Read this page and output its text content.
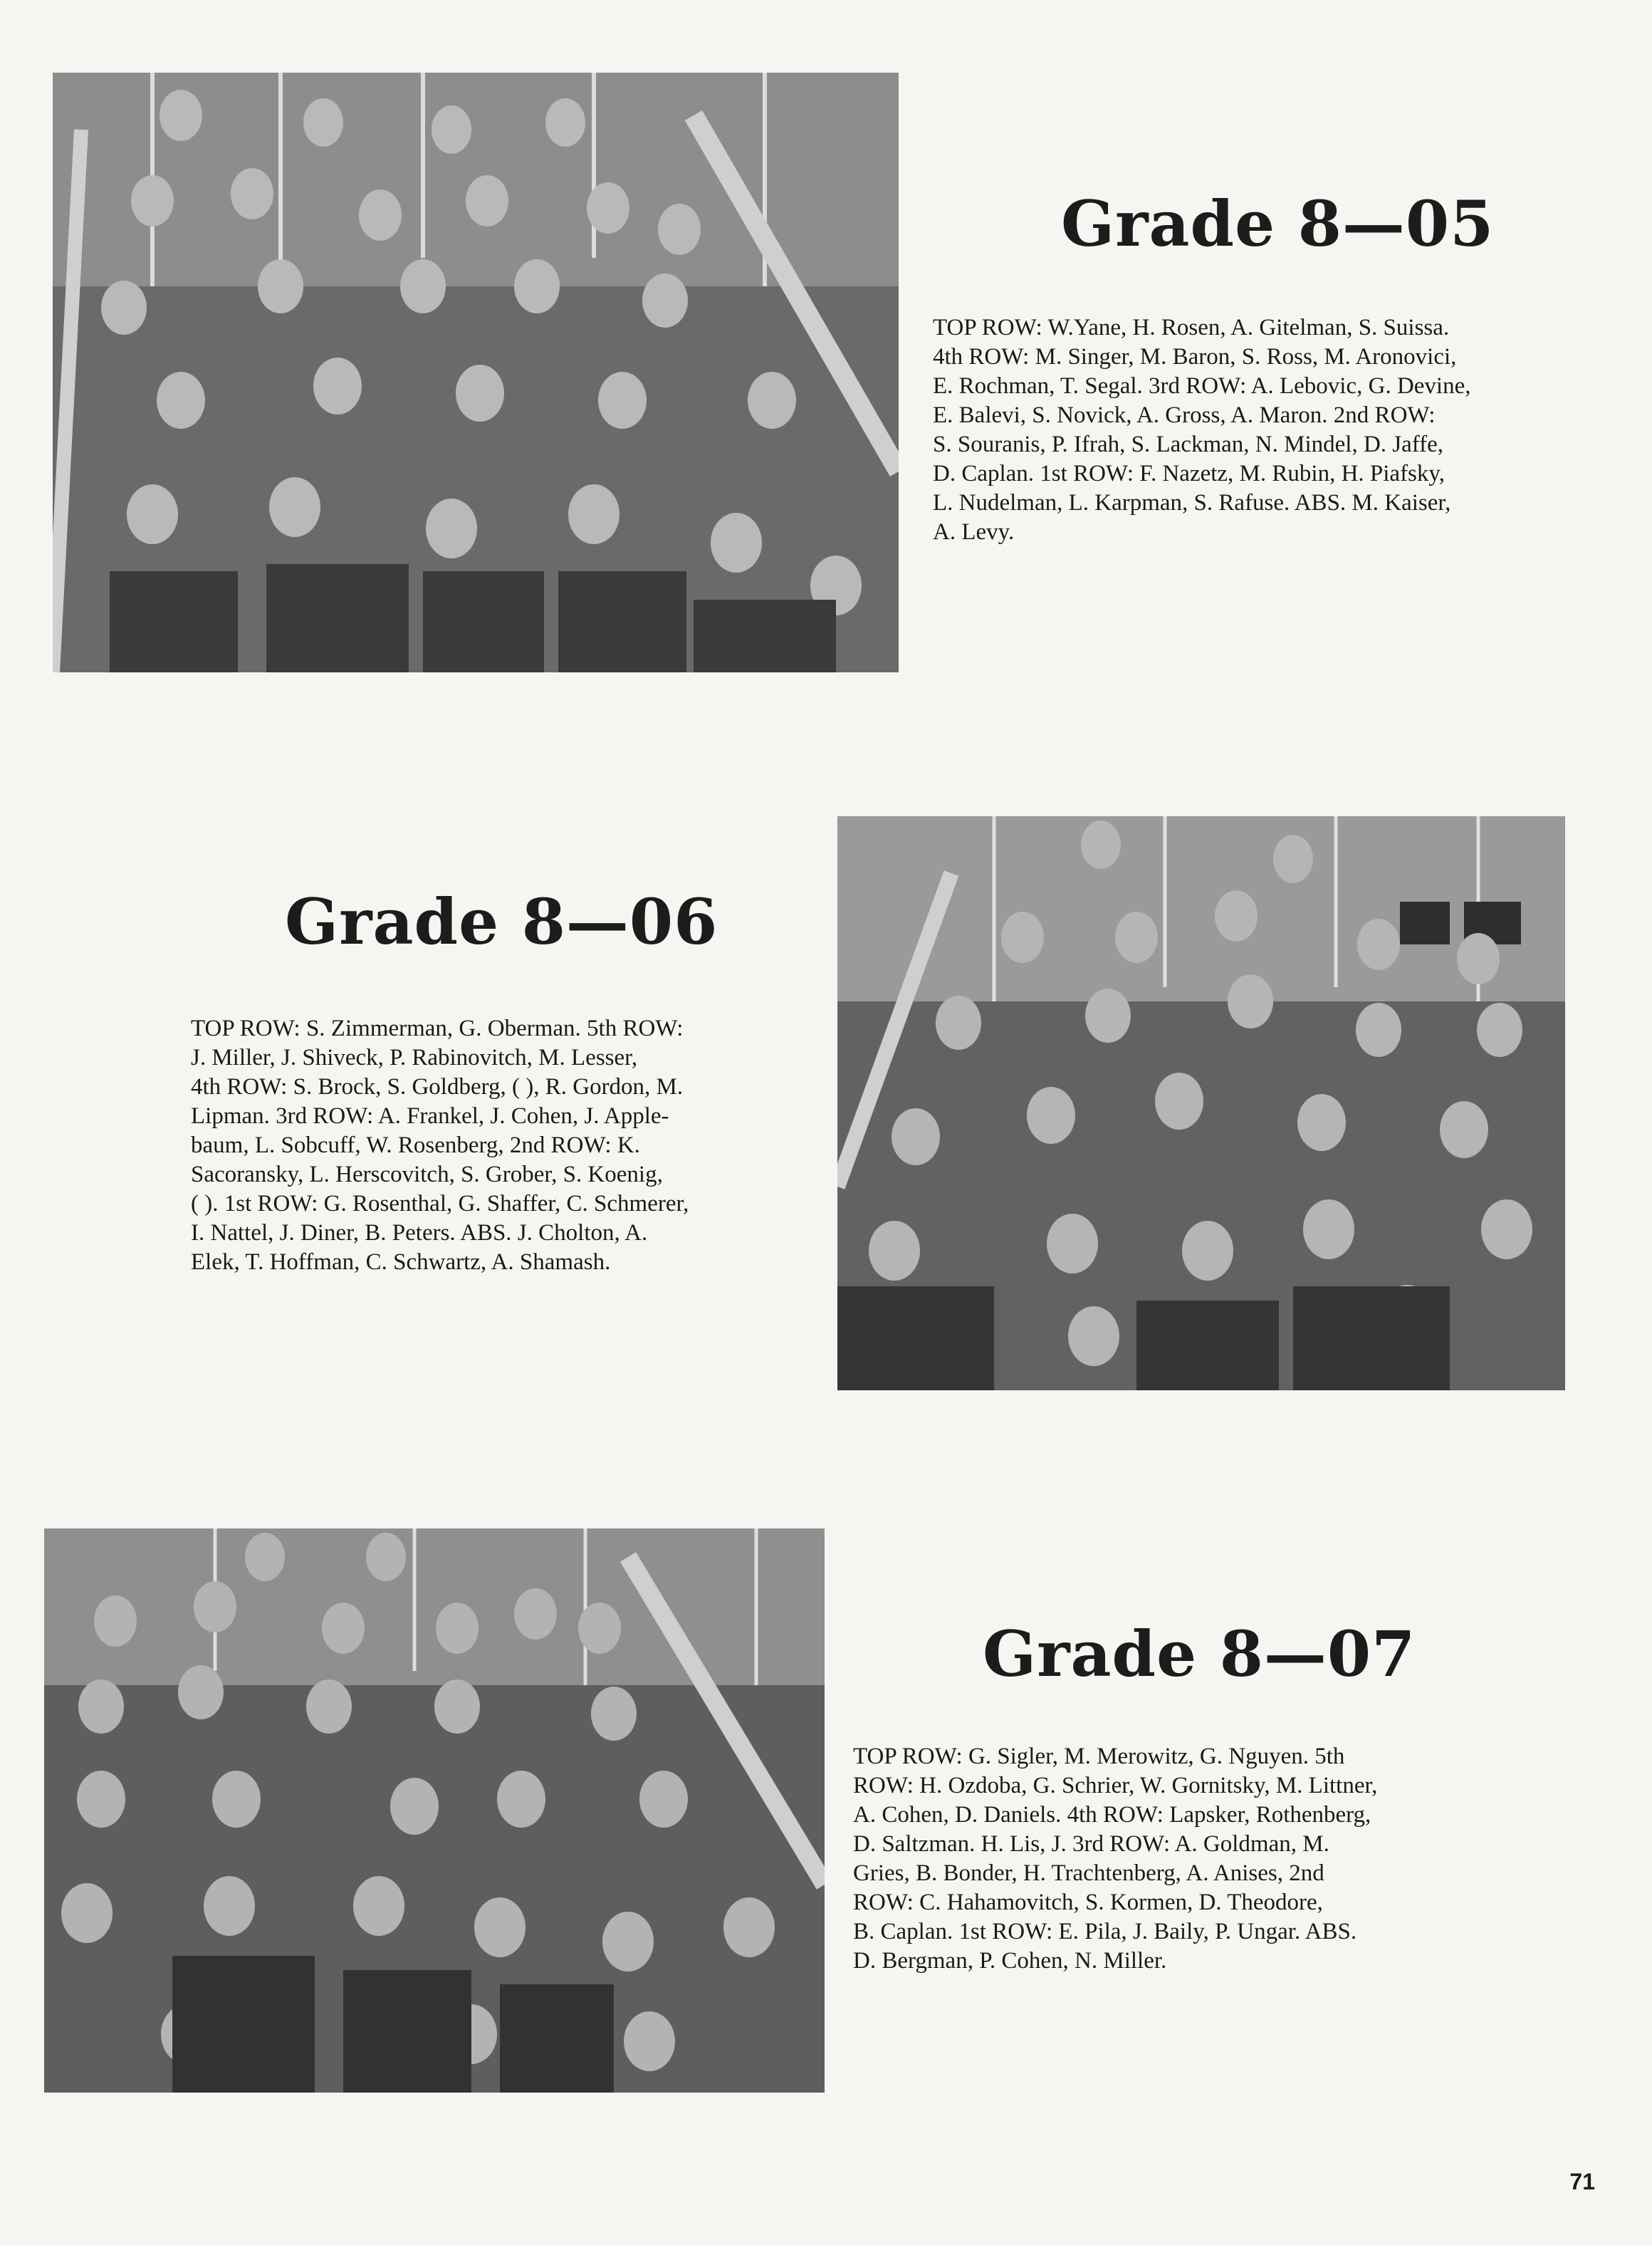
Grade 8—05
TOP ROW: W.Yane, H. Rosen, A. Gitelman, S. Suissa.
4th ROW: M. Singer, M. Baron, S. Ross, M. Aronovici,
E. Rochman, T. Segal. 3rd ROW: A. Lebovic, G. Devine,
E. Balevi, S. Novick, A. Gross, A. Maron. 2nd ROW:
S. Souranis, P. Ifrah, S. Lackman, N. Mindel, D. Jaffe,
D. Caplan. 1st ROW: F. Nazetz, M. Rubin, H. Piafsky,
L. Nudelman, L. Karpman, S. Rafuse. ABS. M. Kaiser,
A. Levy.
Grade 8—06
TOP ROW: S. Zimmerman, G. Oberman. 5th ROW:
J. Miller, J. Shiveck, P. Rabinovitch, M. Lesser,
4th ROW: S. Brock, S. Goldberg, ( ), R. Gordon, M.
Lipman. 3rd ROW: A. Frankel, J. Cohen, J. Apple-
baum, L. Sobcuff, W. Rosenberg, 2nd ROW: K.
Sacoransky, L. Herscovitch, S. Grober, S. Koenig,
( ). 1st ROW: G. Rosenthal, G. Shaffer, C. Schmerer,
I. Nattel, J. Diner, B. Peters. ABS. J. Cholton, A.
Elek, T. Hoffman, C. Schwartz, A. Shamash.
Grade 8—07
TOP ROW: G. Sigler, M. Merowitz, G. Nguyen. 5th
ROW: H. Ozdoba, G. Schrier, W. Gornitsky, M. Littner,
A. Cohen, D. Daniels. 4th ROW: Lapsker, Rothenberg,
D. Saltzman. H. Lis, J. 3rd ROW: A. Goldman, M.
Gries, B. Bonder, H. Trachtenberg, A. Anises, 2nd
ROW: C. Hahamovitch, S. Kormen, D. Theodore,
B. Caplan. 1st ROW: E. Pila, J. Baily, P. Ungar. ABS.
D. Bergman, P. Cohen, N. Miller.
71
